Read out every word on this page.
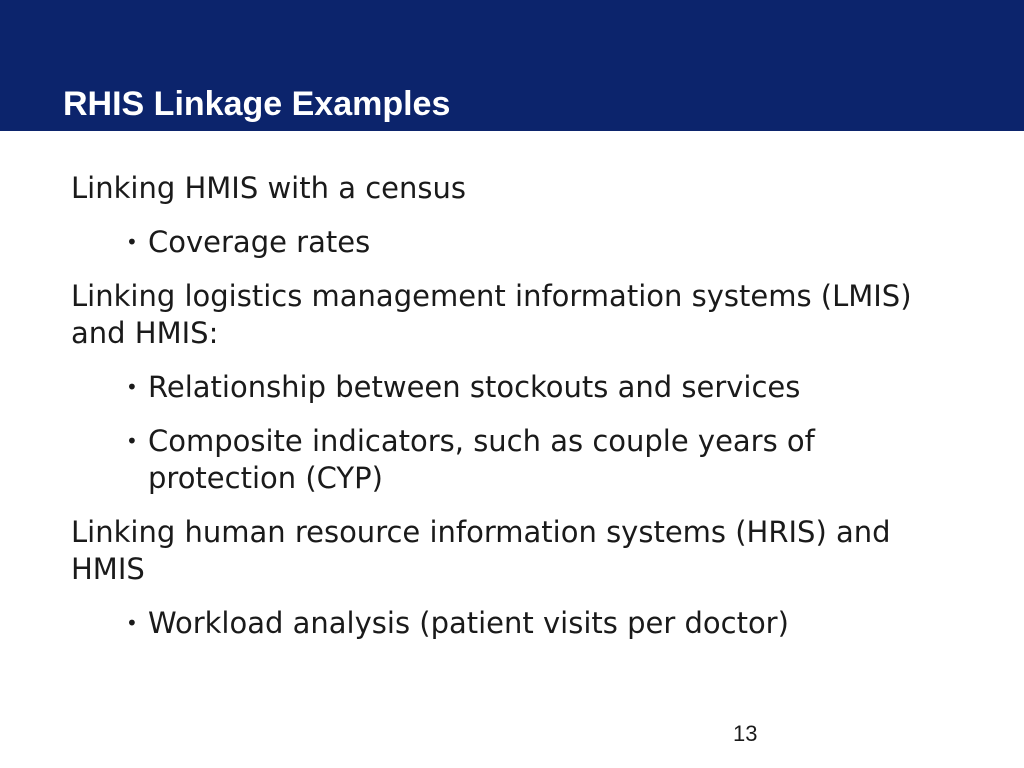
RHIS Linkage Examples

Linking HMIS with a census

• Coverage rates

Linking logistics management information systems (LMIS) and HMIS:

• Relationship between stockouts and services
• Composite indicators, such as couple years of protection (CYP)

Linking human resource information systems (HRIS) and HMIS

• Workload analysis (patient visits per doctor)
13
